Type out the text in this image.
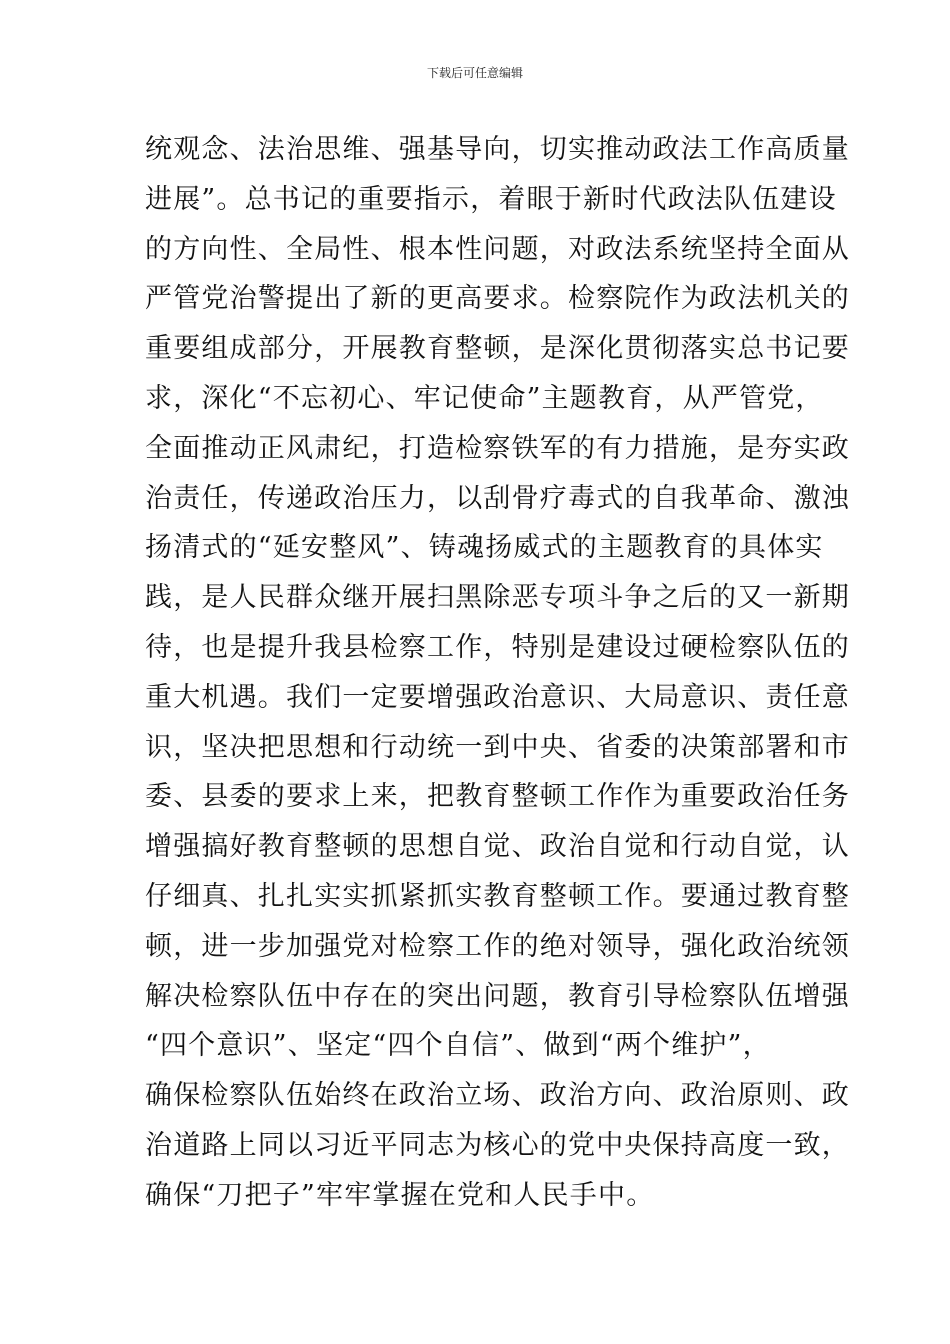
下载后可任意编辑
统观念、法治思维、强基导向，切实推动政法工作高质量
进展”。总书记的重要指示，着眼于新时代政法队伍建设
的方向性、全局性、根本性问题，对政法系统坚持全面从
严管党治警提出了新的更高要求。检察院作为政法机关的
重要组成部分，开展教育整顿，是深化贯彻落实总书记要
求，深化“不忘初心、牢记使命”主题教育，从严管党，
全面推动正风肃纪，打造检察铁军的有力措施，是夯实政
治责任，传递政治压力，以刮骨疗毒式的自我革命、激浊
扬清式的“延安整风”、铸魂扬威式的主题教育的具体实
践，是人民群众继开展扫黑除恶专项斗争之后的又一新期
待，也是提升我县检察工作，特别是建设过硬检察队伍的
重大机遇。我们一定要增强政治意识、大局意识、责任意
识，坚决把思想和行动统一到中央、省委的决策部署和市
委、县委的要求上来，把教育整顿工作作为重要政治任务
增强搞好教育整顿的思想自觉、政治自觉和行动自觉，认
仔细真、扎扎实实抓紧抓实教育整顿工作。要通过教育整
顿，进一步加强党对检察工作的绝对领导，强化政治统领
解决检察队伍中存在的突出问题，教育引导检察队伍增强
“四个意识”、坚定“四个自信”、做到“两个维护”，
确保检察队伍始终在政治立场、政治方向、政治原则、政
治道路上同以习近平同志为核心的党中央保持高度一致，
确保“刀把子”牢牢掌握在党和人民手中。
